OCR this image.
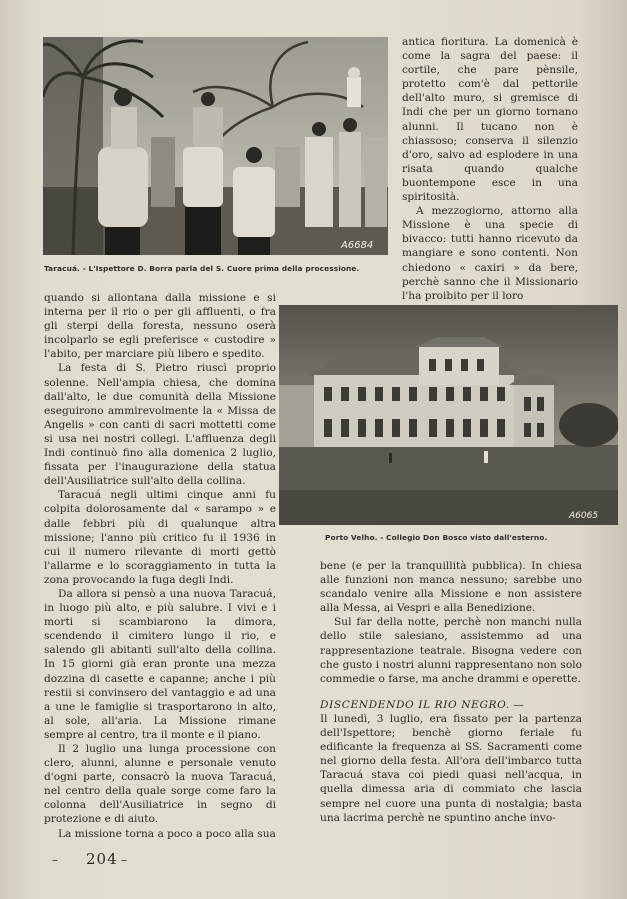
A6684
Taracuá. - L'Ispettore D. Borra parla del S. Cuore prima della processione.

antica fioritura. La domenicà è come la sagra del paese: il cortile, che pare pènsile, protetto com'è dal pettorile dell'alto muro, si gremisce di Indi che per un giorno tornano alunni. Il tucano non è chiassoso; conserva il silenzio d'oro, salvo ad esplodere in una risata quando qualche buontempone esce in una spiritosità.

A mezzogiorno, attorno alla Missione è una specie di bivacco: tutti hanno ricevuto da mangiare e sono contenti. Non chiedono « caxiri » da bere, perchè sanno che il Missionario l'ha proibito per il loro

A6065
Porto Velho. - Collegio Don Bosco visto dall'esterno.

quando si allontana dalla missione e si interna per il rio o per gli affluenti, o fra gli sterpi della foresta, nessuno oserà incolparlo se egli preferisce « custodire » l'abito, per marciare più libero e spedito.

La festa di S. Pietro riuscì proprio solenne. Nell'ampia chiesa, che domina dall'alto, le due comunità della Missione eseguirono ammirevolmente la « Missa de Angelis » con canti di sacri mottetti come si usa nei nostri collegi. L'affluenza degli Indi continuò fino alla domenica 2 luglio, fissata per l'inaugurazione della statua dell'Ausiliatrice sull'alto della collina.

Taracuá negli ultimi cinque anni fu colpita dolorosamente dal « sarampo » e dalle febbri più di qualunque altra missione; l'anno più critico fu il 1936 in cui il numero rilevante di morti gettò l'allarme e lo scoraggiamento in tutta la zona provocando la fuga degli Indi.

Da allora si pensò a una nuova Taracuá, in luogo più alto, e più salubre. I vivi e i morti si scambiarono la dimora, scendendo il cimitero lungo il rio, e salendo gli abitanti sull'alto della collina. In 15 giorni già eran pronte una mezza dozzina di casette e capanne; anche i più restii si convinsero del vantaggio e ad una a une le famiglie si trasportarono in alto, al sole, all'aria. La Missione rimane sempre al centro, tra il monte e il piano.

Il 2 luglio una lunga processione con clero, alunni, alunne e personale venuto d'ogni parte, consacrò la nuova Taracuá, nel centro della quale sorge come faro la colonna dell'Ausiliatrice in segno di protezione e di aiuto.

La missione torna a poco a poco alla sua

bene (e per la tranquillità pubblica). In chiesa alle funzioni non manca nessuno; sarebbe uno scandalo venire alla Missione e non assistere alla Messa, ai Vespri e alla Benedizione.

Sul far della notte, perchè non manchi nulla dello stile salesiano, assistemmo ad una rappresentazione teatrale. Bisogna vedere con che gusto i nostri alunni rappresentano non solo commedie o farse, ma anche drammi e operette.

DISCENDENDO IL RIO NEGRO. —

Il lunedì, 3 luglio, era fissato per la partenza dell'Ispettore; benchè giorno feriale fu edificante la frequenza ai SS. Sacramenti come nel giorno della festa. All'ora dell'imbarco tutta Taracuá stava coi piedi quasi nell'acqua, in quella dimessa aria di commiato che lascia sempre nel cuore una punta di nostalgia; basta una lacrima perchè ne spuntino anche invo-

– 204 –
